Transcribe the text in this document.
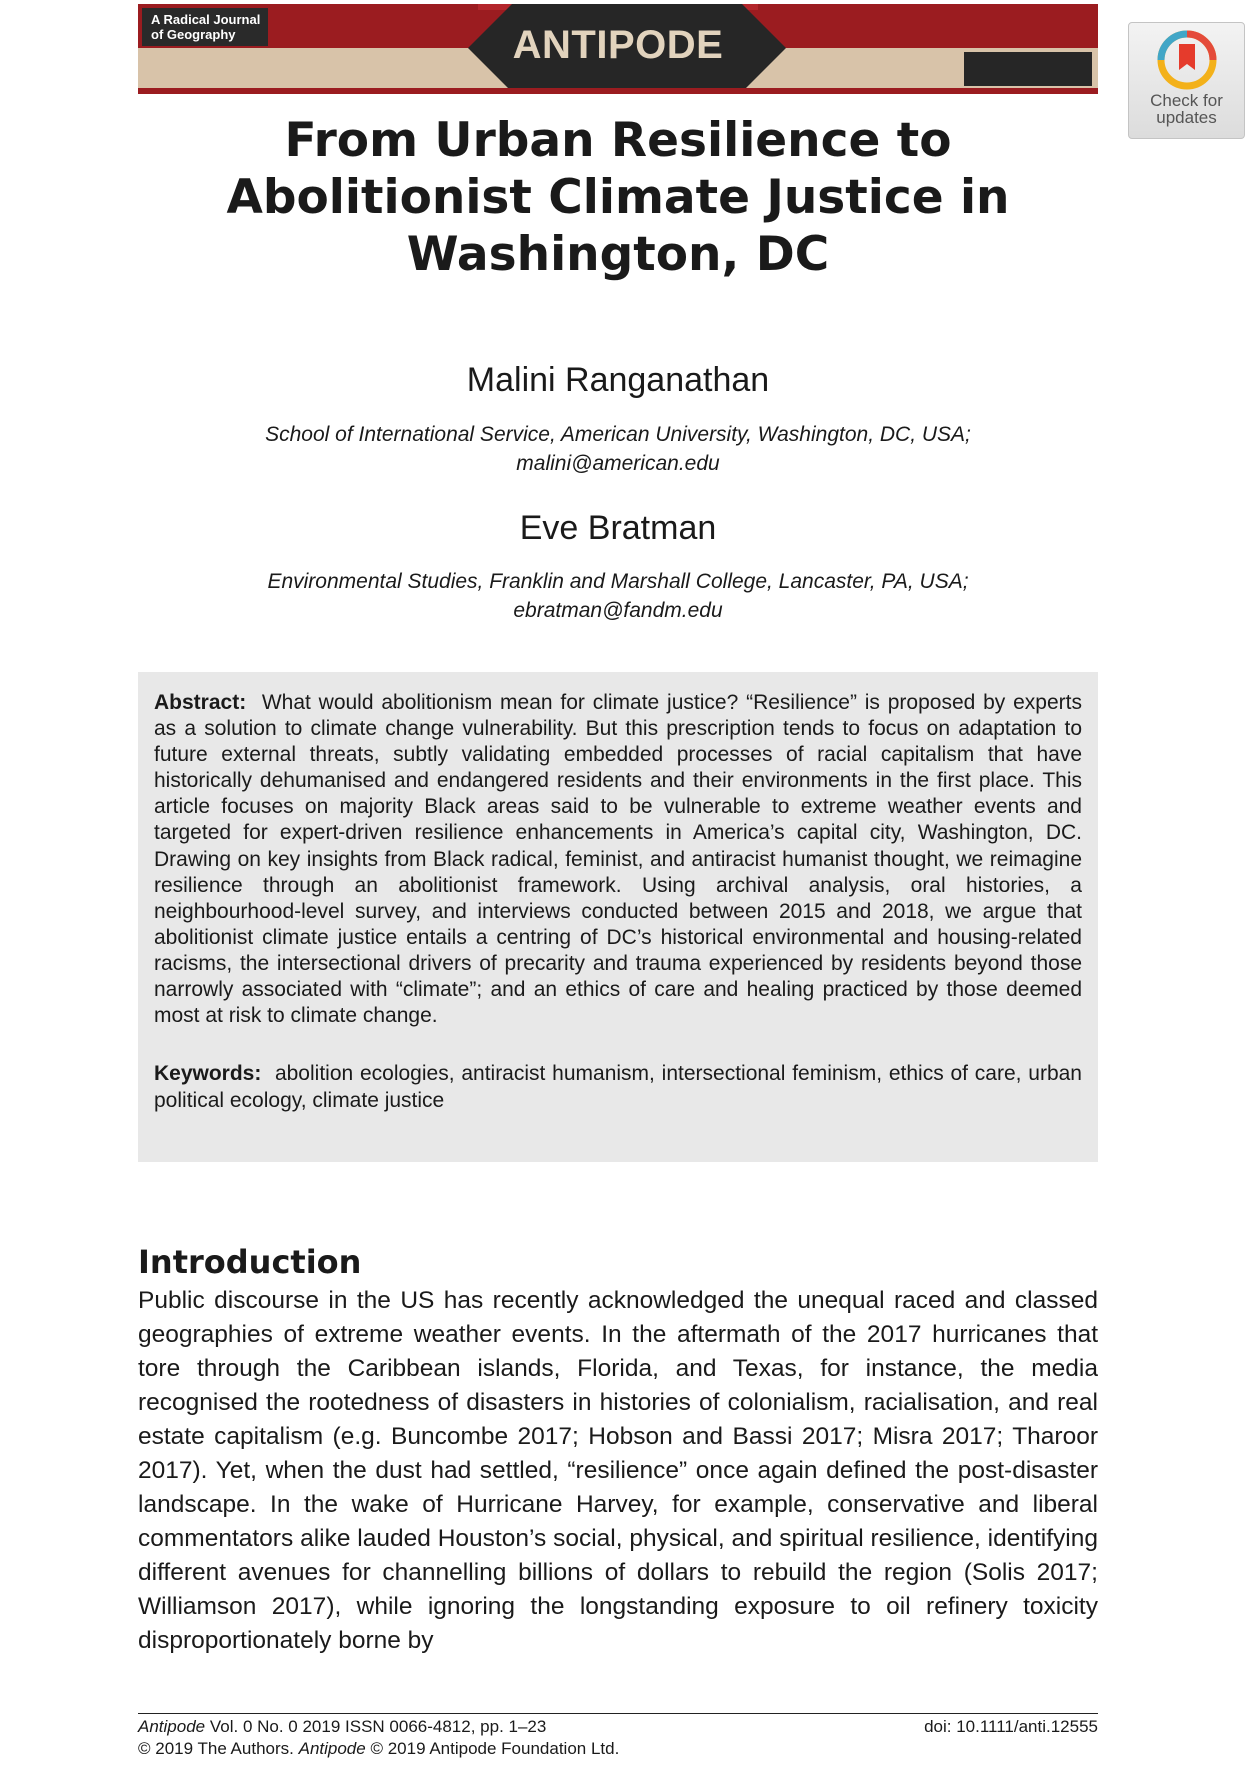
A Radical Journal
of Geography	ANTIPODE
Check for
updates
From Urban Resilience to Abolitionist Climate Justice in Washington, DC
Malini Ranganathan
School of International Service, American University, Washington, DC, USA;
malini@american.edu
Eve Bratman
Environmental Studies, Franklin and Marshall College, Lancaster, PA, USA;
ebratman@fandm.edu

Abstract: What would abolitionism mean for climate justice? “Resilience” is proposed by experts as a solution to climate change vulnerability. But this prescription tends to focus on adaptation to future external threats, subtly validating embedded processes of racial capitalism that have historically dehumanised and endangered residents and their environments in the first place. This article focuses on majority Black areas said to be vulnerable to extreme weather events and targeted for expert-driven resilience enhancements in America’s capital city, Washington, DC. Drawing on key insights from Black radical, feminist, and antiracist humanist thought, we reimagine resilience through an abolitionist framework. Using archival analysis, oral histories, a neighbourhood-level survey, and interviews conducted between 2015 and 2018, we argue that abolitionist climate justice entails a centring of DC’s historical environmental and housing-related racisms, the intersectional drivers of precarity and trauma experienced by residents beyond those narrowly associated with “climate”; and an ethics of care and healing practiced by those deemed most at risk to climate change.

Keywords: abolition ecologies, antiracist humanism, intersectional feminism, ethics of care, urban political ecology, climate justice

Introduction

Public discourse in the US has recently acknowledged the unequal raced and classed geographies of extreme weather events. In the aftermath of the 2017 hurricanes that tore through the Caribbean islands, Florida, and Texas, for instance, the media recognised the rootedness of disasters in histories of colonialism, racialisation, and real estate capitalism (e.g. Buncombe 2017; Hobson and Bassi 2017; Misra 2017; Tharoor 2017). Yet, when the dust had settled, “resilience” once again defined the post-disaster landscape. In the wake of Hurricane Harvey, for example, conservative and liberal commentators alike lauded Houston’s social, physical, and spiritual resilience, identifying different avenues for channelling billions of dollars to rebuild the region (Solis 2017; Williamson 2017), while ignoring the longstanding exposure to oil refinery toxicity disproportionately borne by

Antipode Vol. 0 No. 0 2019 ISSN 0066-4812, pp. 1–23	doi: 10.1111/anti.12555
© 2019 The Authors. Antipode © 2019 Antipode Foundation Ltd.
